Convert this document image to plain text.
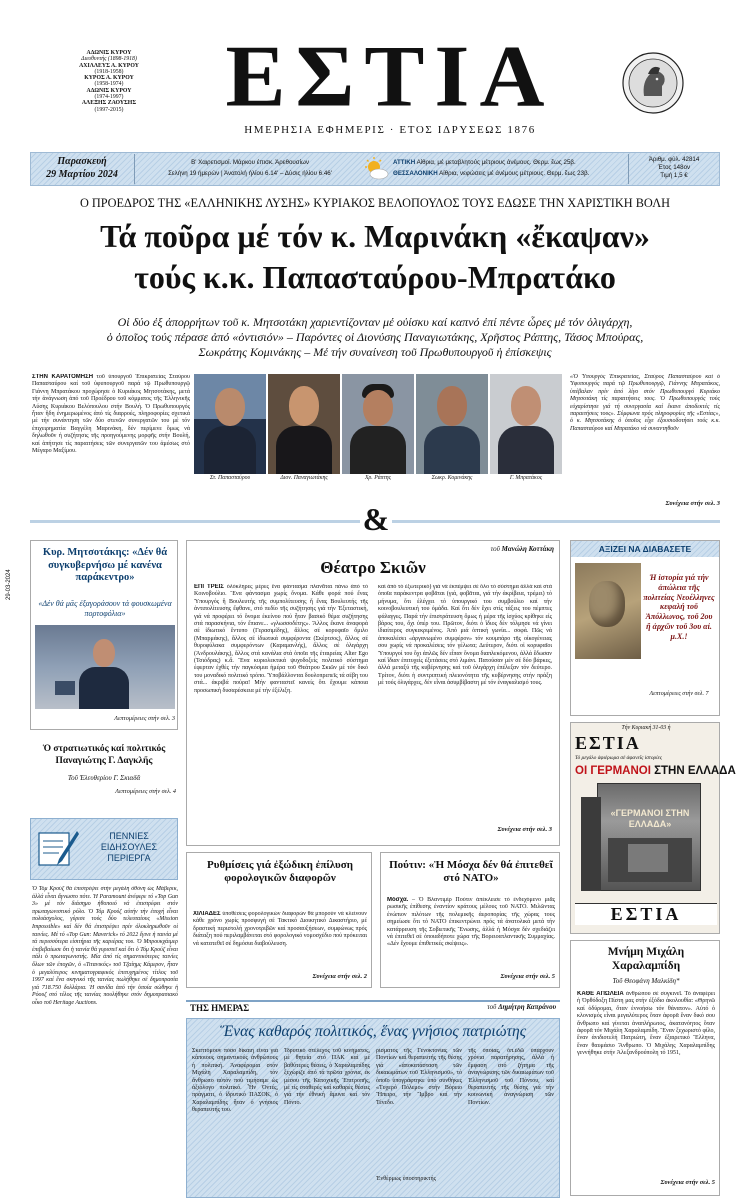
ΑΔΩΝΙΣ ΚΥΡΟΥ
Διευθυντής (1898-1918)
ΑΧΙΛΛΕΥΣ Α. ΚΥΡΟΥ
(1918-1958)
ΚΥΡΟΣ Α. ΚΥΡΟΥ
(1958-1974)
ΑΔΩΝΙΣ ΚΥΡΟΥ
(1974-1997)
ΑΛΕΞΗΣ ΖΑΟΥΣΗΣ
(1997-2015)	ΕΣΤΙΑ
ΗΜΕΡΗΣΙΑ ΕΦΗΜΕΡΙΣ · ΕΤΟΣ ΙΔΡΥΣΕΩΣ 1876
Παρασκευή
29 Μαρτίου 2024
Β' Χαιρετισμοί. Μάρκου έπισκ. Άρεθουσίων
Σελήνη 19 ήμερών | Άνατολή ήλίου 6.14' – Δύσις ήλίου 6.46'
ΑΤΤΙΚΗ Αίθρια, μέ μεταβλητούς μέτριους άνέμους. Θερμ. ἕως 25β.
ΘΕΣΣΑΛΟΝΙΚΗ Αίθρια, νεφώσεις μέ άνέμους μέτριους. Θερμ. ἕως 23β.
Άριθμ. φύλ. 42814
Έτος 148ον
Τιμή 1,5 €
Ο ΠΡΟΕΔΡΟΣ ΤΗΣ «ΕΛΛΗΝΙΚΗΣ ΛΥΣΗΣ» ΚΥΡΙΑΚΟΣ ΒΕΛΟΠΟΥΛΟΣ ΤΟΥΣ ΕΔΩΣΕ ΤΗΝ ΧΑΡΙΣΤΙΚΗ ΒΟΛΗ
Τά ποῦρα μέ τόν κ. Μαρινάκη «ἔκαψαν»
τούς κ.κ. Παπασταύρου-Μπρατάκο
Οἱ δύο ἐξ ἀπορρήτων τοῦ κ. Μητσοτάκη χαριεντίζονταν μέ οὐίσκυ καί καπνό ἐπί πέντε ὧρες μέ τόν ὀλιγάρχη,
ὁ ὁποῖος τούς πέρασε ἀπό «ὀντισιόν» – Παρόντες οἱ Διονύσης Παναγιωτάκης, Χρῆστος Ράπτης, Τάσος Μπούρας,
Σωκράτης Κομινάκης – Μέ τήν συναίνεση τοῦ Πρωθυπουργοῦ ἡ ἐπίσκεψις
ΣΤΗΝ ΚΑΡΑΤΟΜΗΣΗ τοῦ ὑπουργοῦ Ἐπικρατείας Σταύρου Παπασταύρου καί τοῦ ὑφυπουργοῦ παρά τῷ Πρωθυπουργῷ Γιάννη Μπρατάκου προχώρησε ὁ Κυριάκος Μητσοτάκης, μετά τήν ἀνάγνωση ἀπό τοῦ Προέδρου τοῦ κόμματος τῆς Ἑλληνικῆς Λύσης Κυριάκου Βελόπουλου στήν Βουλή. Ὁ Πρωθυπουργός ἦταν ἤδη ἐνημερωμένος ἀπό τίς διαρροές, πληροφορίες σχετικά μέ τήν συνάντηση τῶν δύο στενῶν συνεργατῶν του μέ τόν ἐπιχειρηματία Βαγγέλη Μαρινάκη, δέν περίμενε ὅμως νά δηλωθοῦν ἡ συζήτησις τῆς προηγούμενης μορφῆς στήν Βουλή, καί ἀπήτησε τίς παραιτήσεις τῶν συνεργατῶν του ἀμέσως στό Μέγαρο Μαξίμου.
Στ. Παπασταύρου	Διον. Παναγιωτάκης	Χρ. Ράπτης	Σωκρ. Κομινάκης	Γ. Μπρατάκος
«Ὁ Ὑπουργός Ἐπικρατείας, Σταύρος Παπασταύρου καί ὁ Ὑφυπουργός παρά τῷ Πρωθυπουργῷ, Γιάννης Μπρατάκος, ὑπέβαλαν πρίν ἀπό λίγο στόν Πρωθυπουργό Κυριάκο Μητσοτάκη τίς παραιτήσεις τους. Ὁ Πρωθυπουργός τούς εὐχαρίστησε γιά τή συνεργασία καί ἔκανε ἀποδεκτές τίς παραιτήσεις τους». Σύμφωνα πρός πληροφορίες τῆς «Εστίας», ὁ κ. Μητσοτάκης ὁ ὁποῖος εἶχε ἐξουσιοδοτήσει τούς κ.κ. Παπασταύρου καί Μπρατάκο νά συναντηθοῦν
Συνέχεια στήν σελ. 3
&
29-03-2024
Κυρ. Μητσοτάκης: «Δέν θά συγκυβερνήσω μέ κανένα παράκεντρο»
«Δέν θά μᾶς ἐξαγοράσουν τά φουσκωμένα πορτοφόλια»
Λεπτομέρειες στήν σελ. 3
Ὁ στρατιωτικός καί πολιτικός Παναγιώτης Γ. Δαγκλῆς
Τοῦ Ἐλευθερίου Γ. Σκιαδᾶ
Λεπτομέρειες στήν σελ. 4
ΠΕΝΝΙΕΣ ΕΙΔΗΣΟΥΛΕΣ ΠΕΡΙΕΡΓΑ
Ὁ Τόμ Κρούζ θά ἐπιστρέψει στήν μεγάλη ὀθόνη ὡς Μάβερικ, ἀλλά εἶναι ἄγνωστο πότε. Ἡ Paramount ἀνέφερε τό «Top Gun 3» μέ τόν διάσημο ἠθοποιό νά ἐπιστρέφει στόν πρωταγωνιστικό ρόλο. Ὁ Τόμ Κρούζ αὐτήν τήν ἐποχή εἶναι πολυάσχολος, γύρισε τούς δύο τελευταίους «Mission Impossible» καί δέν θά ἐπιστρέψει πρίν ὁλοκληρωθοῦν οἱ ταινίες. Μέ τό «Top Gun: Maverick» τό 2022 ἔγινε ἡ ταινία μέ τά περισσότερα εἰσιτήρια τῆς καριέρας του. Ὁ Μπρουκχάιμερ ἐπιβεβαίωσε ὅτι ἡ ταινία θά γυριστεῖ καί ὅτι ὁ Τόμ Κρούζ εἶναι πάλι ὁ πρωταγωνιστής. Μία ἀπό τίς σημαντικότερες ταινίες ὅλων τῶν ἐποχῶν, ὁ «Τιτανικός» τοῦ Τζαίημς Κάμερον, ἦταν ὁ μεγαλύτερος κινηματογραφικός ἐπιτυχημένος τίτλος τοῦ 1997 καί ἕνα σκηνικό τῆς ταινίας πωλήθηκε σέ δημοπρασία γιά 718.750 δολλάρια. Ἡ σανίδα ἀπό τήν ὁποία σώθηκε ἡ Ρόουζ στό τέλος τῆς ταινίας πουλήθηκε στόν δημοπρασιακό οἶκο τοῦ Heritage Auctions.
τοῦ Μανώλη Κοττάκη
Θέατρο Σκιῶν
ΕΠΙ ΤΡΕΙΣ ὁλόκληρες μέρες ἕνα φάντασμα πλανᾶται πάνω ἀπό τό Κοινοβούλιο. Ἕνα φάντασμα χωρίς ὄνομα. Κάθε φορά πού ἕνας Ὑπουργός ἤ Βουλευτής τῆς συμπολίτευσης ἤ ἕνας Βουλευτής τῆς ἀντιπολίτευσης ἔφθανε, στό πεδίο τῆς συζήτησης γιά τήν Ἐξεταστική, γιά νά προφέρει τό ὄνομα ἐκείνου πού ἦταν βασικό θέμα συζήτησης στά παρασκήνια, τόν ἔπιανε... «γλωσσοδέτης». Ἄλλος ἔκανε ἀναφορά σέ ἰδιωτικό ἔντυπο (Γερασιμίδης), ἄλλος σέ κορυφαῖο ὅμιλο (Μπαρμάκης), ἄλλος σέ ἰδιωτικά συμφέροντα (Σκέρτσος), ἄλλος σέ θυροφύλακα συμφερόντων (Καραμανλής), ἄλλος σέ ὀλιγάρχη (Ἀνδρουλάκης), ἄλλος στά κανάλια στά ὁποῖα τῆς ἑταιρείας Alter Ego (Τσιόδρας) κ.ἄ. Ἕνα κυριολεκτικά ψυχοδοξείς πολιτικό σύστημα έφερταν ἐχθές τήν παγκόσμια ἡμέρα τοῦ Θεάτρου Σκιῶν μέ τόν δικό του μοναδικό πολιτικό τρόπο. Ὑποβάλλονται δουλοπρεπεῖς τά σέβη του στά... ἀκριβά πούρα! Μήν φανταστεῖ κανείς ὅτι ἔχουμε κάποια προσωπική δυσαρέσκεια μέ τήν ἐξέλιξη.
καί ἀπό τό ἐξωτερικό) γιά νά ἐκπέμψει σέ ὅλο τό σύστημα ἀλλά καί στά ὁποῖα παράκεντρα φοβᾶται (γιά, φοβᾶται, γιά τήν ἀκρίβεια, τρέμει) τό μήνυμα, ὅτι ἐλέγχει τό ὑπουργικό του συμβούλιο καί τήν κοινοβουλευτική του ὁμάδα. Καί ὅτι δέν ἔχει στίς τάξεις του πέμπτες φάλαγγες. Παρά τήν ἐπιστράτευση ὅμως ἡ μέρα τῆς ἰσχύος κρίθηκε εἰς βάρος του, ὄχι ὑπέρ του. Πρῶτον, διότι ὁ ἴδιος δέν τόλμησε νά γίνει ἰδιαίτερος συγκεκριμένος. Ἀπό μιά ὁπτική γωνία... σοφά. Πῶς νά ἀποκαλέσει «ἀργανωμένο συμφέρον» τόν κουμπάρο τῆς οἰκογένειας σου χωρίς νά προκαλέσεις τόν γέλωτα; Δεύτερον, διότι οἱ κορυφαῖοι Ὑπουργοί του ὄχι ἁπλῶς δέν εἶπαν ὄνομα διαπλεκόμενου, ἀλλά ἔδωσαν καί ἴδιαν ἐπιτυχείς ἐξετάσεις στό λιμάνι. Πατούσαν μέν σέ δύο βάρκες, ἀλλά μεταξύ τῆς κυβέρνησης καί τοῦ ὀλιγάρχη ἐπέλεξαν τόν δεύτερο. Τρίτον, διότι ἡ συντριπτική πλειονότητα τῆς κυβέρνησης στήν πράξη μέ τούς ὀλιγάρχες, δέν εἶναι ἀσυμβίβαστη μέ τόν ἐναγκαλισμό τους.
Συνέχεια στήν σελ. 3
Ρυθμίσεις γιά ἐξώδικη ἐπίλυση φορολογικῶν διαφορῶν
ΧΙΛΙΑΔΕΣ ὑποθέσεις φορολογικών διαφορών θά μπορούν νά κλείνουν κάθε χρόνο χωρίς προσφυγή σέ Τακτικό Διοικητικό Δικαστήριο, μέ δραστική περιστολή χρονοτριβῶν καί προσαυξήσεων, συμφώνως πρός διάταξη πού περιλαμβάνεται στό φορολογικό νομοσχέδιο πού πρόκειται νά κατατεθεῖ σέ δημόσια διαβούλευση.
Συνέχεια στήν σελ. 2
Πούτιν: «Ἡ Μόσχα δέν θά ἐπιτεθεῖ στό ΝΑΤΟ»
Μόσχα. – Ὁ Βλαντιμίρ Πούτιν ἀπέκλεισε τό ἐνδεχόμενο μιᾶς ρωσικῆς ἐπίθεσης ἐναντίον κράτους μέλους τοῦ ΝΑΤΟ. Μιλῶντας ἐνώπιον πιλότων τῆς πολεμικῆς ἀεροπορίας τῆς χώρας τους σημείωσε ὅτι τό ΝΑΤΟ ἐπικεντρώνει πρός τά ἀνατολικά μετά τήν κατάρρευση τῆς Σοβιετικῆς Ἕνωσης, ἀλλά ἡ Μόσχα δέν σχεδιάζει νά ἐπιτεθεῖ σέ ὁποιαδήποτε χώρα τῆς Βορειοατλαντικῆς Συμμαχίας. «Δέν ἔχουμε ἐπιθετικές σκέψεις».
Συνέχεια στήν σελ. 5
ΤΗΣ ΗΜΕΡΑΣ	τοῦ Δημήτρη Καπράνου
Ἕνας καθαρός πολιτικός, ἕνας γνήσιος πατριώτης
Σκεπτόμουν πόσο δίκαιη εἶναι γιά κάποιους σημαντικούς ἀνθρώπους ἡ πολιτική. Ἀναφέρομαι στόν Μιχάλη Χαραλαμπίδη, τόν ἄνθρωπο αὐτόν πού τιμήσαμε ὡς ἀξιόλογο πολιτικό. Ἦν Ὀντές, πράγματι, ὁ ἱδρυτικό ΠΑΣΟΚ, ὁ Χαραλαμπίδης ἦταν ὁ γνήσιος θεραπευτής του.
Ἱδρυτικό στέλεχος τοῦ κινήματος, μέ θητεία στό ΠΑΚ καί μέ βαθύτερες θέσεις, ὁ Χαραλαμπίδης ξεχώριζε ἀπό τά πρῶτα χρόνια, ἐκ μέσου τῆς Κατοχικῆς Ἐπιτροπῆς, μέ τίς σταθερές καί καθαρές θέσεις γιά τήν ἐθνική ἄμυνα καί τόν Πόντο.
ρίσματος τῆς Γενοκτονίας τῶν Ποντίων καί θεραπευτής τῆς θέσης γιά «ἀποκατάσταση τῶν δικαιωμάτων τοῦ Ἑλληνισμοῦ», τό ὁποῖο ὑπογράφτηκε ὑπό συνθήκες «Τυχερό Πόλεμο» στήν Βόρειο Ἤπειρο, τήν Ἴμβρο καί τήν Τένεδο.
Ἐνθέρμως ὑποστηρικτής
τῆς ὁποίας, ὅπ.ἐδῶ ὑπάρχουν χρόνια παρατήρησης, ἀλλά ἡ ἔμφαση στό ζήτημα τῆς ἀναγνώρισης τῶν δικαιωμάτων τοῦ Ἑλληνισμοῦ τοῦ Πόντου, καί θεραπευτής τῆς θέσης γιά τήν κοινωνική ἀναγνώριση τῶν Ποντίων.
ΑΞΙΖΕΙ ΝΑ ΔΙΑΒΑΣΕΤΕ
Ἡ ἱστορία γιά τήν ἀπώλεια τῆς πολιτείας Νεοέλληνες κεφαλή τοῦ Ἀπόλλωνος, τοῦ 2ου ἤ ἀρχῶν τοῦ 3ου αἰ. μ.Χ.!
Λεπτομέρειες στήν σελ. 7
Τήν Κυριακή 31-03 ἡ
ΕΣΤΙΑ
Τό μεγάλο ἀφιέρωμα σέ ἀφανεῖς ἱστορίες
ΟΙ ΓΕΡΜΑΝΟΙ ΣΤΗΝ ΕΛΛΑΔΑ
«ΓΕΡΜΑΝΟΙ ΣΤΗΝ ΕΛΛΑΔΑ»
ΕΣΤΙΑ
Μνήμη Μιχάλη Χαραλαμπίδη
Τοῦ Θεοφάνη Μαλκίδη*
ΚΑΘΕ ΑΠΩΛΕΙΑ ἀνθρώπου σέ συγκινεῖ. Τό ἀναφέρει ἡ Ὀρθόδοξη Πίστη μας στήν ἐξόδιο ἀκολουθία: «Θρηνῶ καί ὀδύρομαι, ὅταν ἐννοήσω τόν θάνατον». Αὐτό ὁ κλονισμός εἶναι μεγαλύτερος ὅταν ἀφορᾶ ἕναν δικό σου ἄνθρωπο καί γίνεται ἀναπλήρωτος, ἀκατανόητος ὅταν ἀφορᾶ τόν Μιχάλη Χαραλαμπίδη. Ἕναν ξεχωριστό φίλο, ἕναν ἀνιδιοτελή Πατριώτη, ἕναν ἐξαιρετικό Ἕλληνα, ἕναν θαυμάσιο Ἄνθρωπο. Ὁ Μιχάλης Χαραλαμπίδης γεννήθηκε στήν Ἀλεξανδρούπολη τό 1951,
Συνέχεια στήν σελ. 5
